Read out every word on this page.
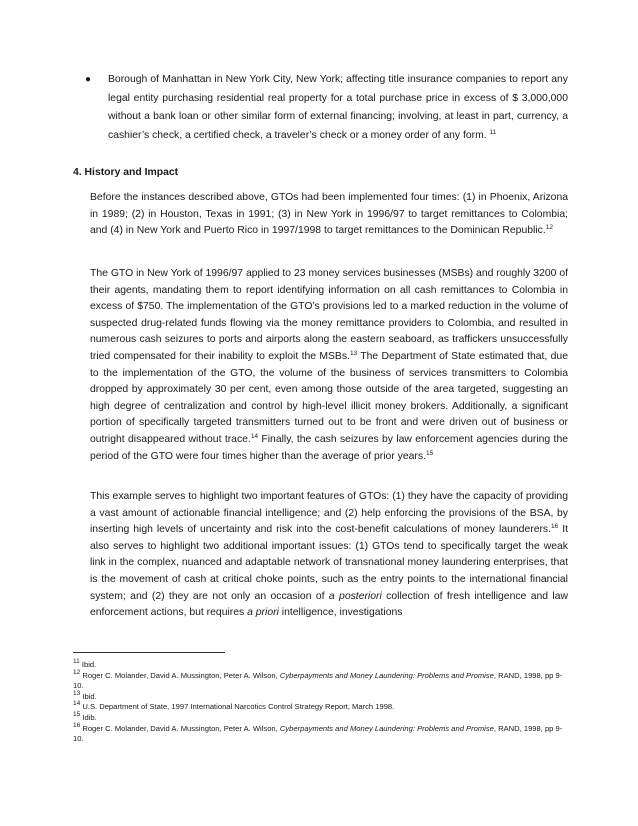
● Borough of Manhattan in New York City, New York; affecting title insurance companies to report any legal entity purchasing residential real property for a total purchase price in excess of $ 3,000,000 without a bank loan or other similar form of external financing; involving, at least in part, currency, a cashier’s check, a certified check, a traveler’s check or a money order of any form. $^{11}$
4. History and Impact

Before the instances described above, GTOs had been implemented four times: (1) in Phoenix, Arizona in 1989; (2) in Houston, Texas in 1991; (3) in New York in 1996/97 to target remittances to Colombia; and (4) in New York and Puerto Rico in 1997/1998 to target remittances to the Dominican Republic.$^{12}$

The GTO in New York of 1996/97 applied to 23 money services businesses (MSBs) and roughly 3200 of their agents, mandating them to report identifying information on all cash remittances to Colombia in excess of $750. The implementation of the GTO’s provisions led to a marked reduction in the volume of suspected drug-related funds flowing via the money remittance providers to Colombia, and resulted in numerous cash seizures to ports and airports along the eastern seaboard, as traffickers unsuccessfully tried compensated for their inability to exploit the MSBs.$^{13}$ The Department of State estimated that, due to the implementation of the GTO, the volume of the business of services transmitters to Colombia dropped by approximately 30 per cent, even among those outside of the area targeted, suggesting an high degree of centralization and control by high-level illicit money brokers. Additionally, a significant portion of specifically targeted transmitters turned out to be front and were driven out of business or outright disappeared without trace.$^{14}$ Finally, the cash seizures by law enforcement agencies during the period of the GTO were four times higher than the average of prior years.$^{15}$

This example serves to highlight two important features of GTOs: (1) they have the capacity of providing a vast amount of actionable financial intelligence; and (2) help enforcing the provisions of the BSA, by inserting high levels of uncertainty and risk into the cost-benefit calculations of money launderers.$^{16}$ It also serves to highlight two additional important issues: (1) GTOs tend to specifically target the weak link in the complex, nuanced and adaptable network of transnational money laundering enterprises, that is the movement of cash at critical choke points, such as the entry points to the international financial system; and (2) they are not only an occasion of a posteriori collection of fresh intelligence and law enforcement actions, but requires a priori intelligence, investigations

$^{11}$ Ibid.

$^{12}$ Roger C. Molander, David A. Mussington, Peter A. Wilson, Cyberpayments and Money Laundering: Problems and Promise, RAND, 1998, pp 9-10.

$^{13}$ Ibid.

$^{14}$ U.S. Department of State, 1997 International Narcotics Control Strategy Report, March 1998.

$^{15}$ Idib.

$^{16}$ Roger C. Molander, David A. Mussington, Peter A. Wilson, Cyberpayments and Money Laundering: Problems and Promise, RAND, 1998, pp 9-10.
